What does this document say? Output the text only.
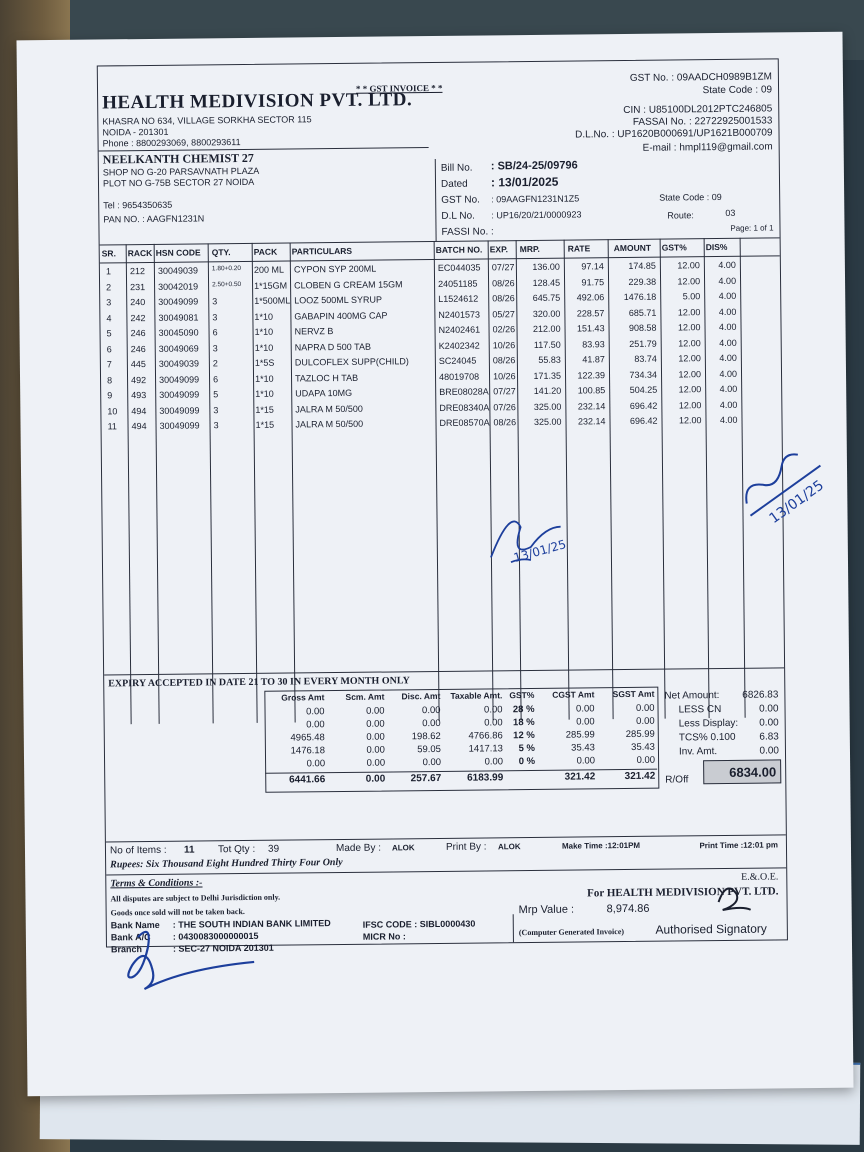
* * GST INVOICE * *
HEALTH MEDIVISION PVT. LTD.
KHASRA NO 634, VILLAGE SORKHA SECTOR 115
NOIDA - 201301
Phone : 8800293069, 8800293611
GST No. : 09AADCH0989B1ZM
State Code : 09
CIN : U85100DL2012PTC246805
FASSAI No. : 22722925001533
D.L.No. : UP1620B000691/UP1621B000709
E-mail : hmpl119@gmail.com
NEELKANTH CHEMIST 27
SHOP NO G-20 PARSAVNATH PLAZA
PLOT NO G-75B SECTOR 27 NOIDA
Tel : 9654350635
PAN NO. : AAGFN1231N
Bill No. : SB/24-25/09796
Dated : 13/01/2025
GST No. : 09AAGFN1231N1Z5
D.L No. : UP16/20/21/0000923
FASSI No. :
State Code : 09
Route:	03
Page: 1 of 1
SR. RACK HSN CODE QTY.	PACK PARTICULARS	BATCH NO. EXP. MRP.	RATE	AMOUNT GST% DIS%
1 212 30049039 1.80+0.20 200 ML CYPON SYP 200ML	EC044035 07/27 136.00 97.14	174.85 12.00 4.00
2 231 30042019 2.50+0.50 1*15GM CLOBEN G CREAM 15GM	24051185 08/26 128.45 91.75	229.38 12.00 4.00
3 240 30049099 3	1*500ML LOOZ 500ML SYRUP	L1524612 08/26 645.75 492.06 1476.18	5.00 4.00
4 242 30049081 3	1*10 GABAPIN 400MG CAP	N2401573 05/27 320.00 228.57	685.71 12.00 4.00
5 246 30045090 6	1*10 NERVZ B	N2402461 02/26 212.00 151.43	908.58 12.00 4.00
6 246 30049069 3	1*10 NAPRA D 500 TAB	K2402342 10/26 117.50 83.93	251.79 12.00 4.00
7 445 30049039 2	1*5S DULCOFLEX SUPP(CHILD)	SC24045 08/26	55.83 41.87	83.74 12.00 4.00
8 492 30049099 6	1*10 TAZLOC H TAB	48019708 10/26 171.35 122.39	734.34 12.00 4.00
9 493 30049099 5	1*10 UDAPA 10MG	BRE08028A 07/27 141.20 100.85	504.25 12.00 4.00
10 494 30049099 3	1*15 JALRA M 50/500	DRE08340A 07/26 325.00 232.14	696.42 12.00 4.00
11 494 30049099 3	1*15 JALRA M 50/500	DRE08570A 08/26 325.00 232.14	696.42 12.00 4.00
EXPIRY ACCEPTED IN DATE 21 TO 30 IN EVERY MONTH ONLY
Gross Amt Scm. Amt Disc. Amt Taxable Amt. GST% CGST Amt SGST Amt
0.00	0.00	0.00	0.00 28 %	0.00	0.00
0.00	0.00	0.00	0.00 18 %	0.00	0.00
4965.48	0.00	198.62	4766.86 12 %	285.99	285.99
1476.18	0.00	59.05	1417.13 5 %	35.43	35.43
0.00	0.00	0.00	0.00 0 %	0.00	0.00
6441.66	0.00	257.67	6183.99	321.42	321.42
Net Amount: 6826.83
LESS CN	0.00
Less Display: 0.00
TCS% 0.100 6.83
Inv. Amt.	0.00
R/Off
6834.00
No of Items : 11 Tot Qty : 39	Made By : ALOK	Print By : ALOK	Make Time :12:01PM	Print Time :12:01 pm
Rupees: Six Thousand Eight Hundred Thirty Four Only
Terms & Conditions :-
E.&.O.E.
All disputes are subject to Delhi Jurisdiction only.
Goods once sold will not be taken back.
For HEALTH MEDIVISION PVT. LTD.
Mrp Value :	8,974.86
Bank Name : THE SOUTH INDIAN BANK LIMITED
Bank A/C : 0430083000000015
Branch	: SEC-27 NOIDA 201301
IFSC CODE : SIBL0000430
MICR No :	(Computer Generated Invoice)	Authorised Signatory
13/01/25
13/01/25
